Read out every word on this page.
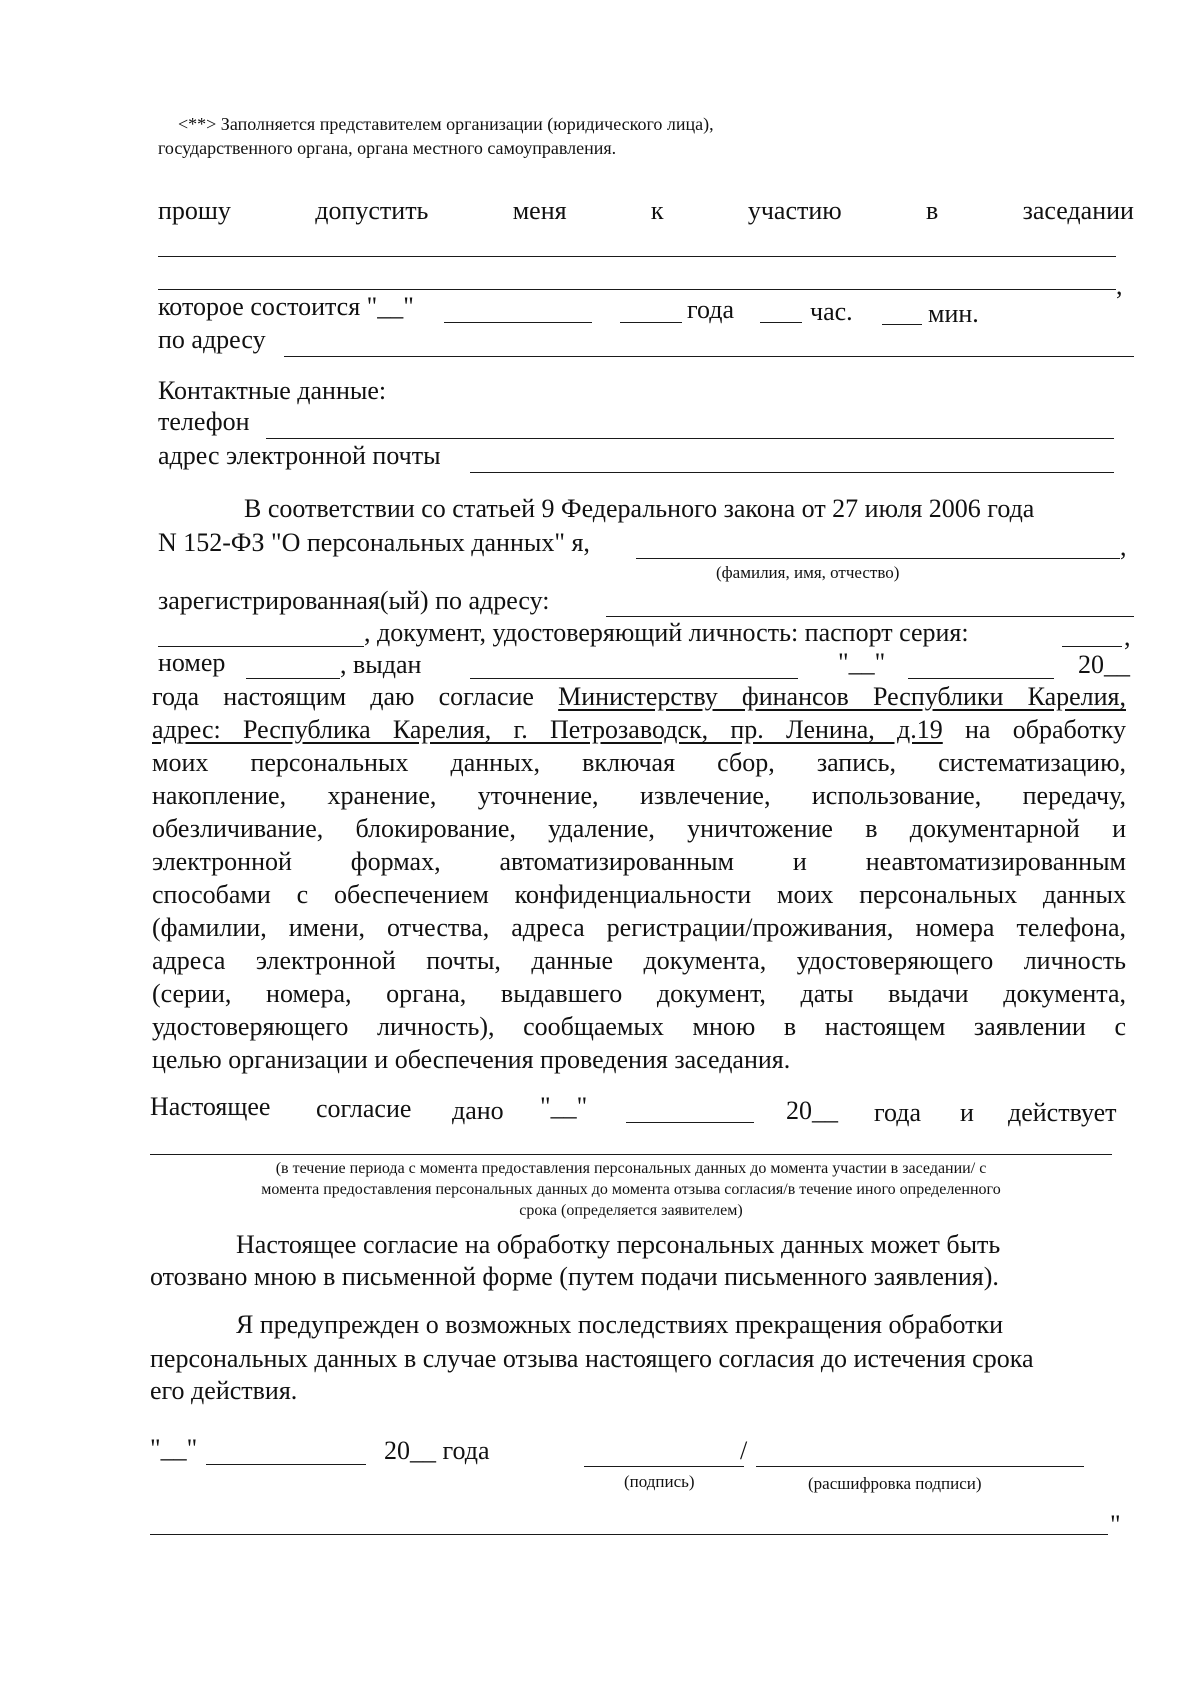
<**> Заполняется представителем организации (юридического лица),
государственного органа, органа местного самоуправления.
прошу	допустить	меня	к	участию	в	заседании
,
которое состоится "__"	года	час.	мин.
по адресу
Контактные данные:
телефон
адрес электронной почты
В соответствии со статьей 9 Федерального закона от 27 июля 2006 года
N 152-ФЗ "О персональных данных" я,	,
(фамилия, имя, отчество)
зарегистрированная(ый) по адресу:
, документ, удостоверяющий личность: паспорт серия:	,
номер	, выдан	"__"	20__
года настоящим даю согласие Министерству финансов Республики Карелия,
адрес: Республика Карелия, г. Петрозаводск, пр. Ленина, д.19 на обработку
моих персональных данных, включая сбор, запись, систематизацию,
накопление, хранение, уточнение, извлечение, использование, передачу,
обезличивание, блокирование, удаление, уничтожение в документарной и
электронной формах, автоматизированным и неавтоматизированным
способами с обеспечением конфиденциальности моих персональных данных
(фамилии, имени, отчества, адреса регистрации/проживания, номера телефона,
адреса электронной почты, данные документа, удостоверяющего личность
(серии, номера, органа, выдавшего документ, даты выдачи документа,
удостоверяющего личность), сообщаемых мною в настоящем заявлении с
целью организации и обеспечения проведения заседания.
Настоящее согласие дано "__"	20__ года и действует
(в течение периода с момента предоставления персональных данных до момента участии в заседании/ с
момента предоставления персональных данных до момента отзыва согласия/в течение иного определенного
срока (определяется заявителем)
Настоящее согласие на обработку персональных данных может быть
отозвано мною в письменной форме (путем подачи письменного заявления).
Я предупрежден о возможных последствиях прекращения обработки
персональных данных в случае отзыва настоящего согласия до истечения срока
его действия.
"__"	20__ года	/
(подпись)	(расшифровка подписи)
"
